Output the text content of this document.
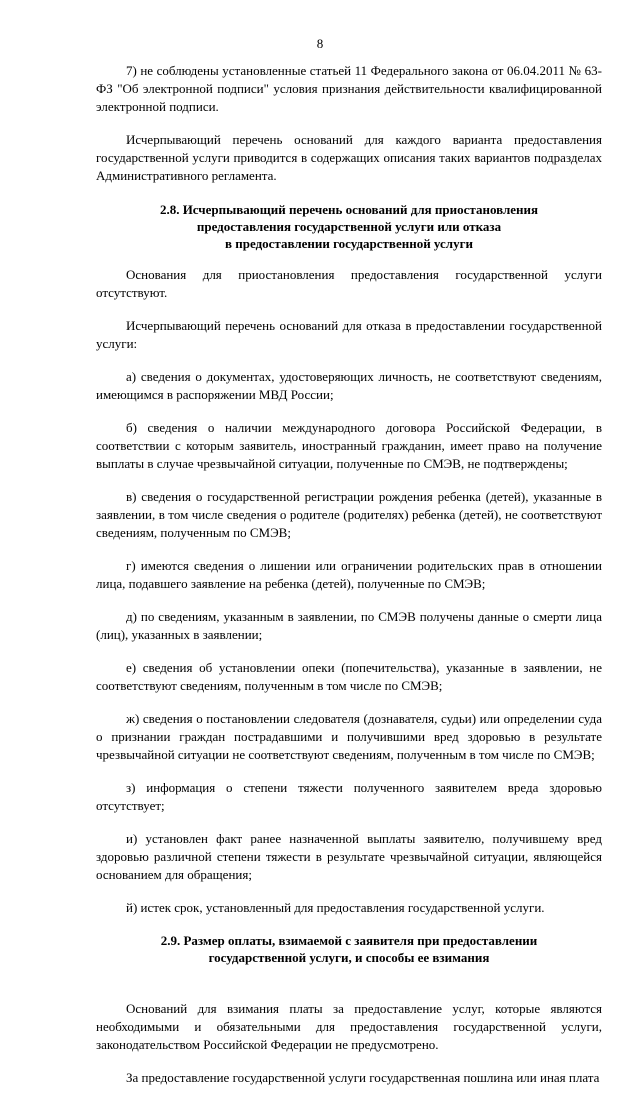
8

7) не соблюдены установленные статьей 11 Федерального закона от 06.04.2011 № 63-ФЗ "Об электронной подписи" условия признания действительности квалифицированной электронной подписи.

Исчерпывающий перечень оснований для каждого варианта предоставления государственной услуги приводится в содержащих описания таких вариантов подразделах Административного регламента.

2.8. Исчерпывающий перечень оснований для приостановления
предоставления государственной услуги или отказа
в предоставлении государственной услуги

Основания для приостановления предоставления государственной услуги отсутствуют.

Исчерпывающий перечень оснований для отказа в предоставлении государственной услуги:

а) сведения о документах, удостоверяющих личность, не соответствуют сведениям, имеющимся в распоряжении МВД России;

б) сведения о наличии международного договора Российской Федерации, в соответствии с которым заявитель, иностранный гражданин, имеет право на получение выплаты в случае чрезвычайной ситуации, полученные по СМЭВ, не подтверждены;

в) сведения о государственной регистрации рождения ребенка (детей), указанные в заявлении, в том числе сведения о родителе (родителях) ребенка (детей), не соответствуют сведениям, полученным по СМЭВ;

г) имеются сведения о лишении или ограничении родительских прав в отношении лица, подавшего заявление на ребенка (детей), полученные по СМЭВ;

д) по сведениям, указанным в заявлении, по СМЭВ получены данные о смерти лица (лиц), указанных в заявлении;

е) сведения об установлении опеки (попечительства), указанные в заявлении, не соответствуют сведениям, полученным в том числе по СМЭВ;

ж) сведения о постановлении следователя (дознавателя, судьи) или определении суда о признании граждан пострадавшими и получившими вред здоровью в результате чрезвычайной ситуации не соответствуют сведениям, полученным в том числе по СМЭВ;

з) информация о степени тяжести полученного заявителем вреда здоровью отсутствует;

и) установлен факт ранее назначенной выплаты заявителю, получившему вред здоровью различной степени тяжести в результате чрезвычайной ситуации, являющейся основанием для обращения;

й) истек срок, установленный для предоставления государственной услуги.

2.9. Размер оплаты, взимаемой с заявителя при предоставлении
государственной услуги, и способы ее взимания

Оснований для взимания платы за предоставление услуг, которые являются необходимыми и обязательными для предоставления государственной услуги, законодательством Российской Федерации не предусмотрено.

За предоставление государственной услуги государственная пошлина или иная плата
